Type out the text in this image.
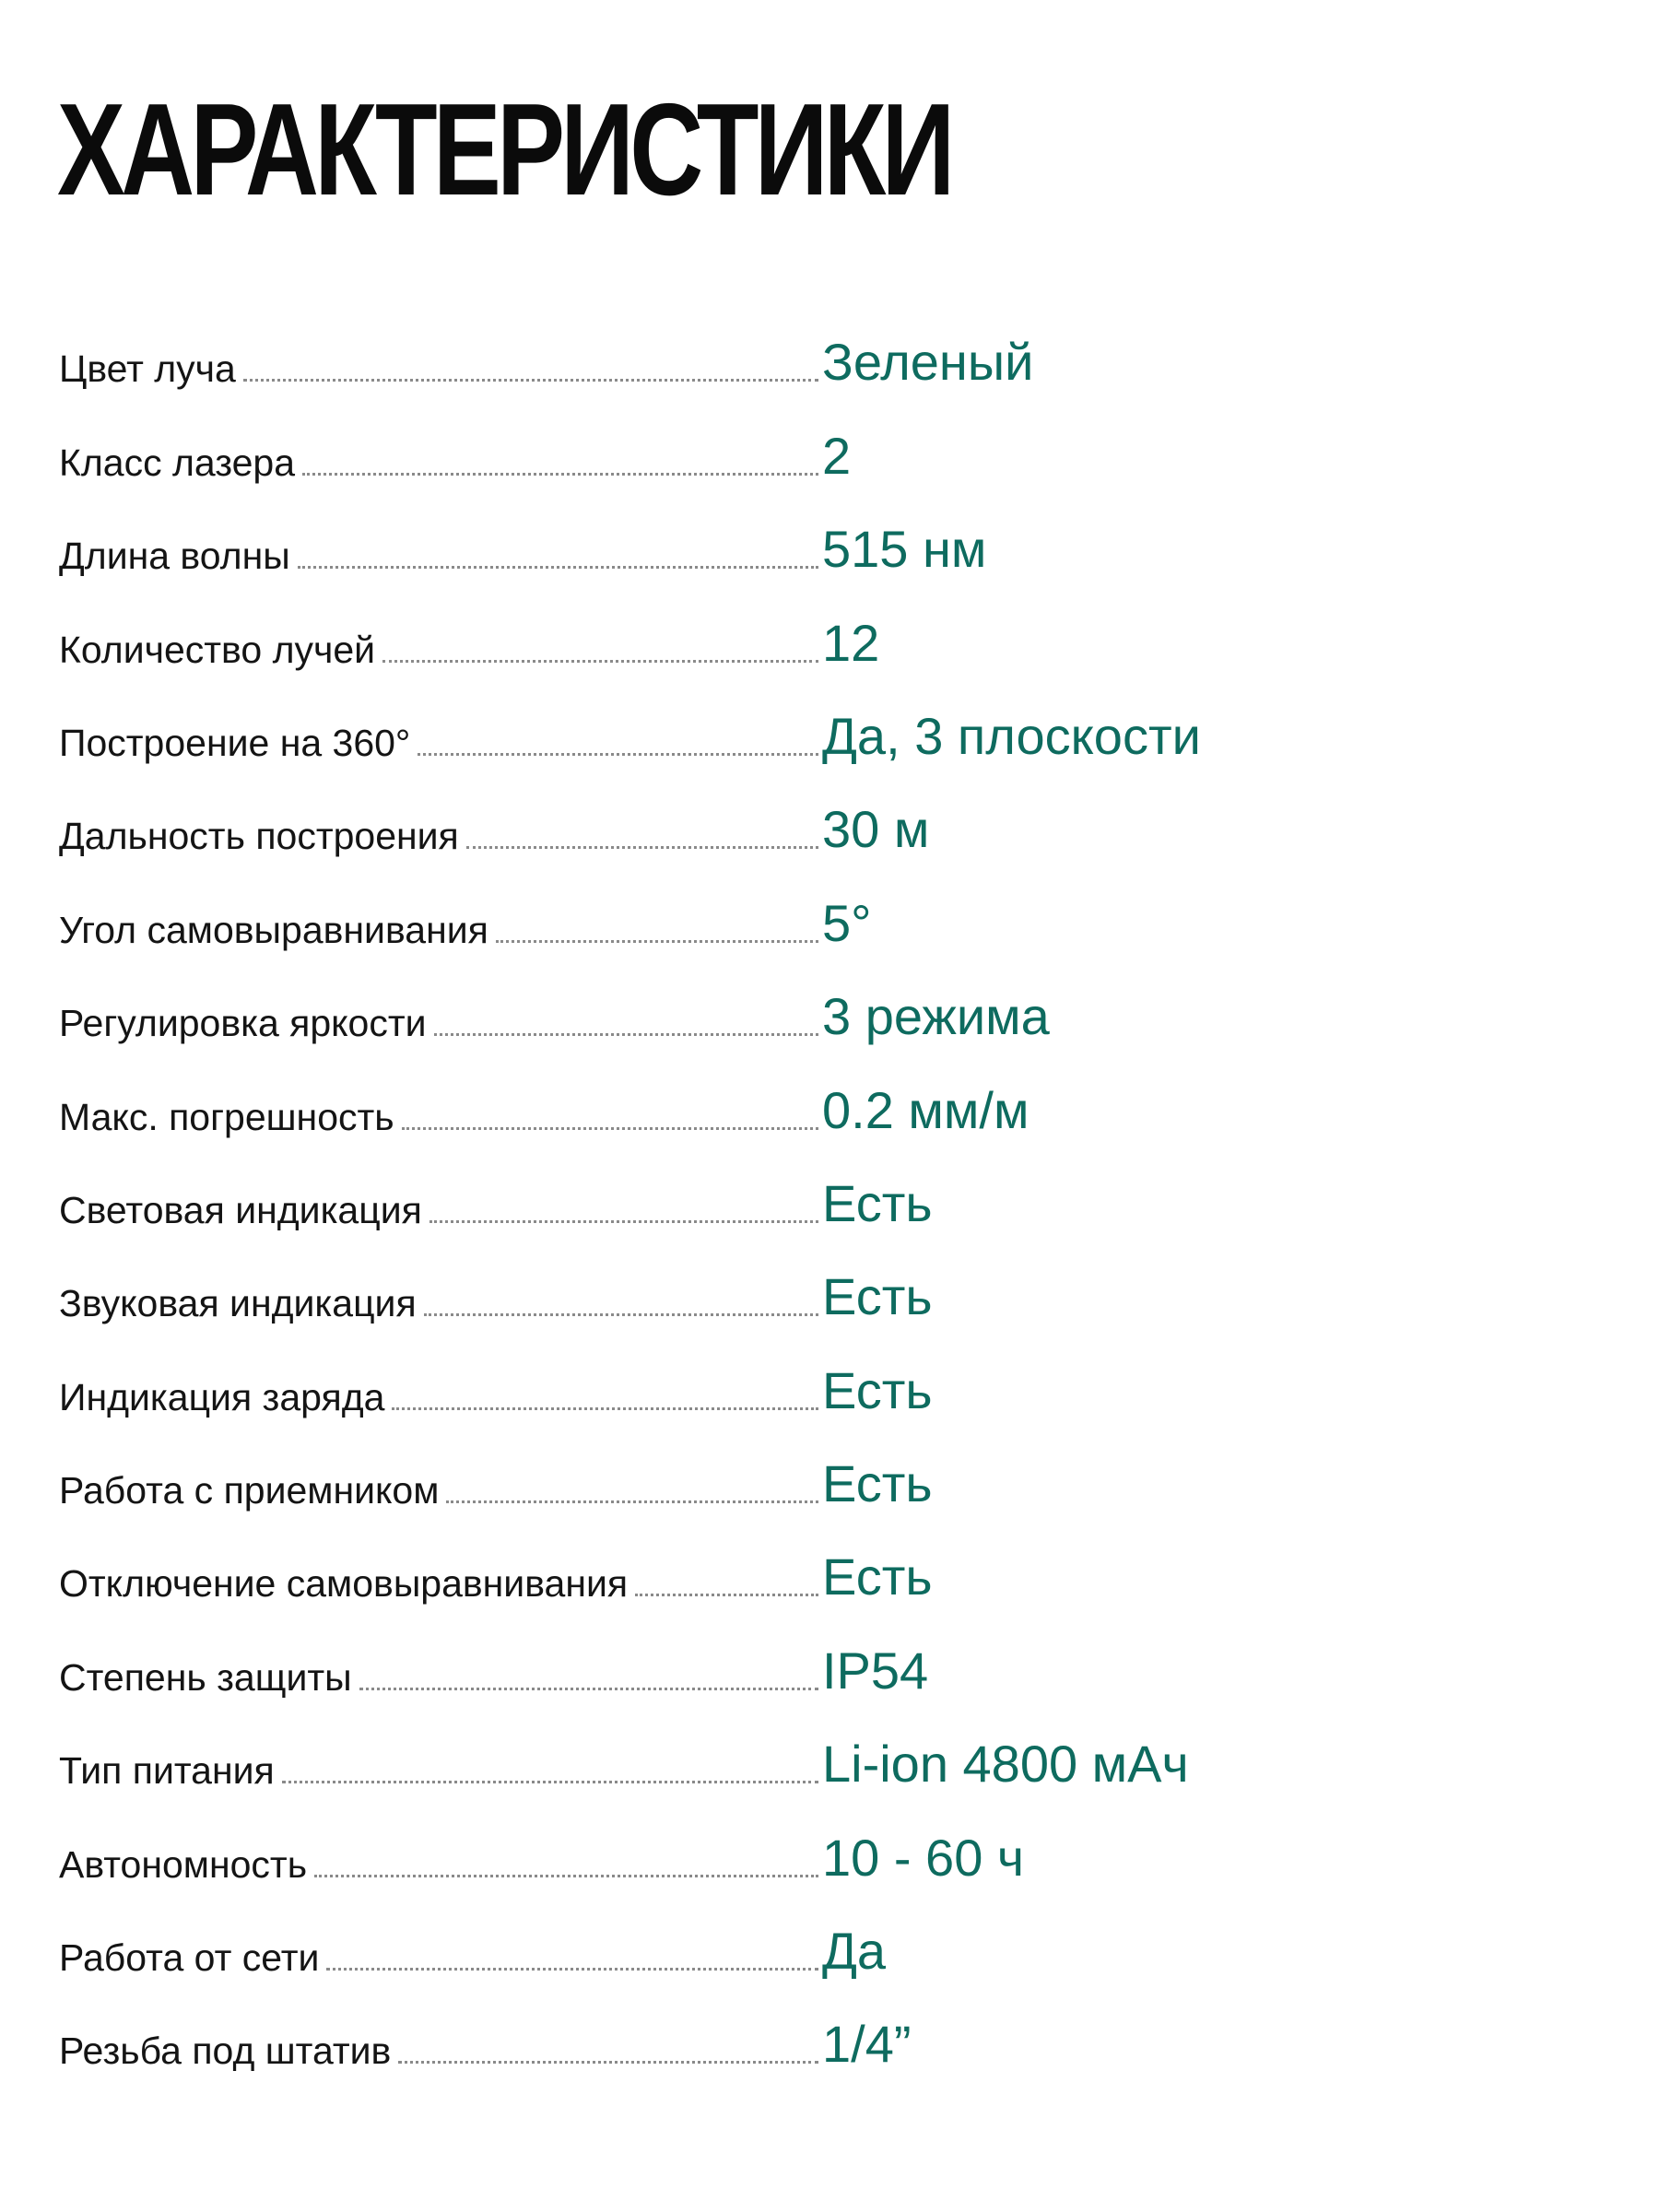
ХАРАКТЕРИСТИКИ
Цвет луча	Зеленый
Класс лазера	2
Длина волны	515 нм
Количество лучей	12
Построение на 360°	Да, 3 плоскости
Дальность построения	30 м
Угол самовыравнивания	5°
Регулировка яркости	3 режима
Макс. погрешность	0.2 мм/м
Световая индикация	Есть
Звуковая индикация	Есть
Индикация заряда	Есть
Работа с приемником	Есть
Отключение самовыравнивания	Есть
Степень защиты	IP54
Тип питания	Li-ion 4800 мАч
Автономность	10 - 60 ч
Работа от сети	Да
Резьба под штатив	1/4”
